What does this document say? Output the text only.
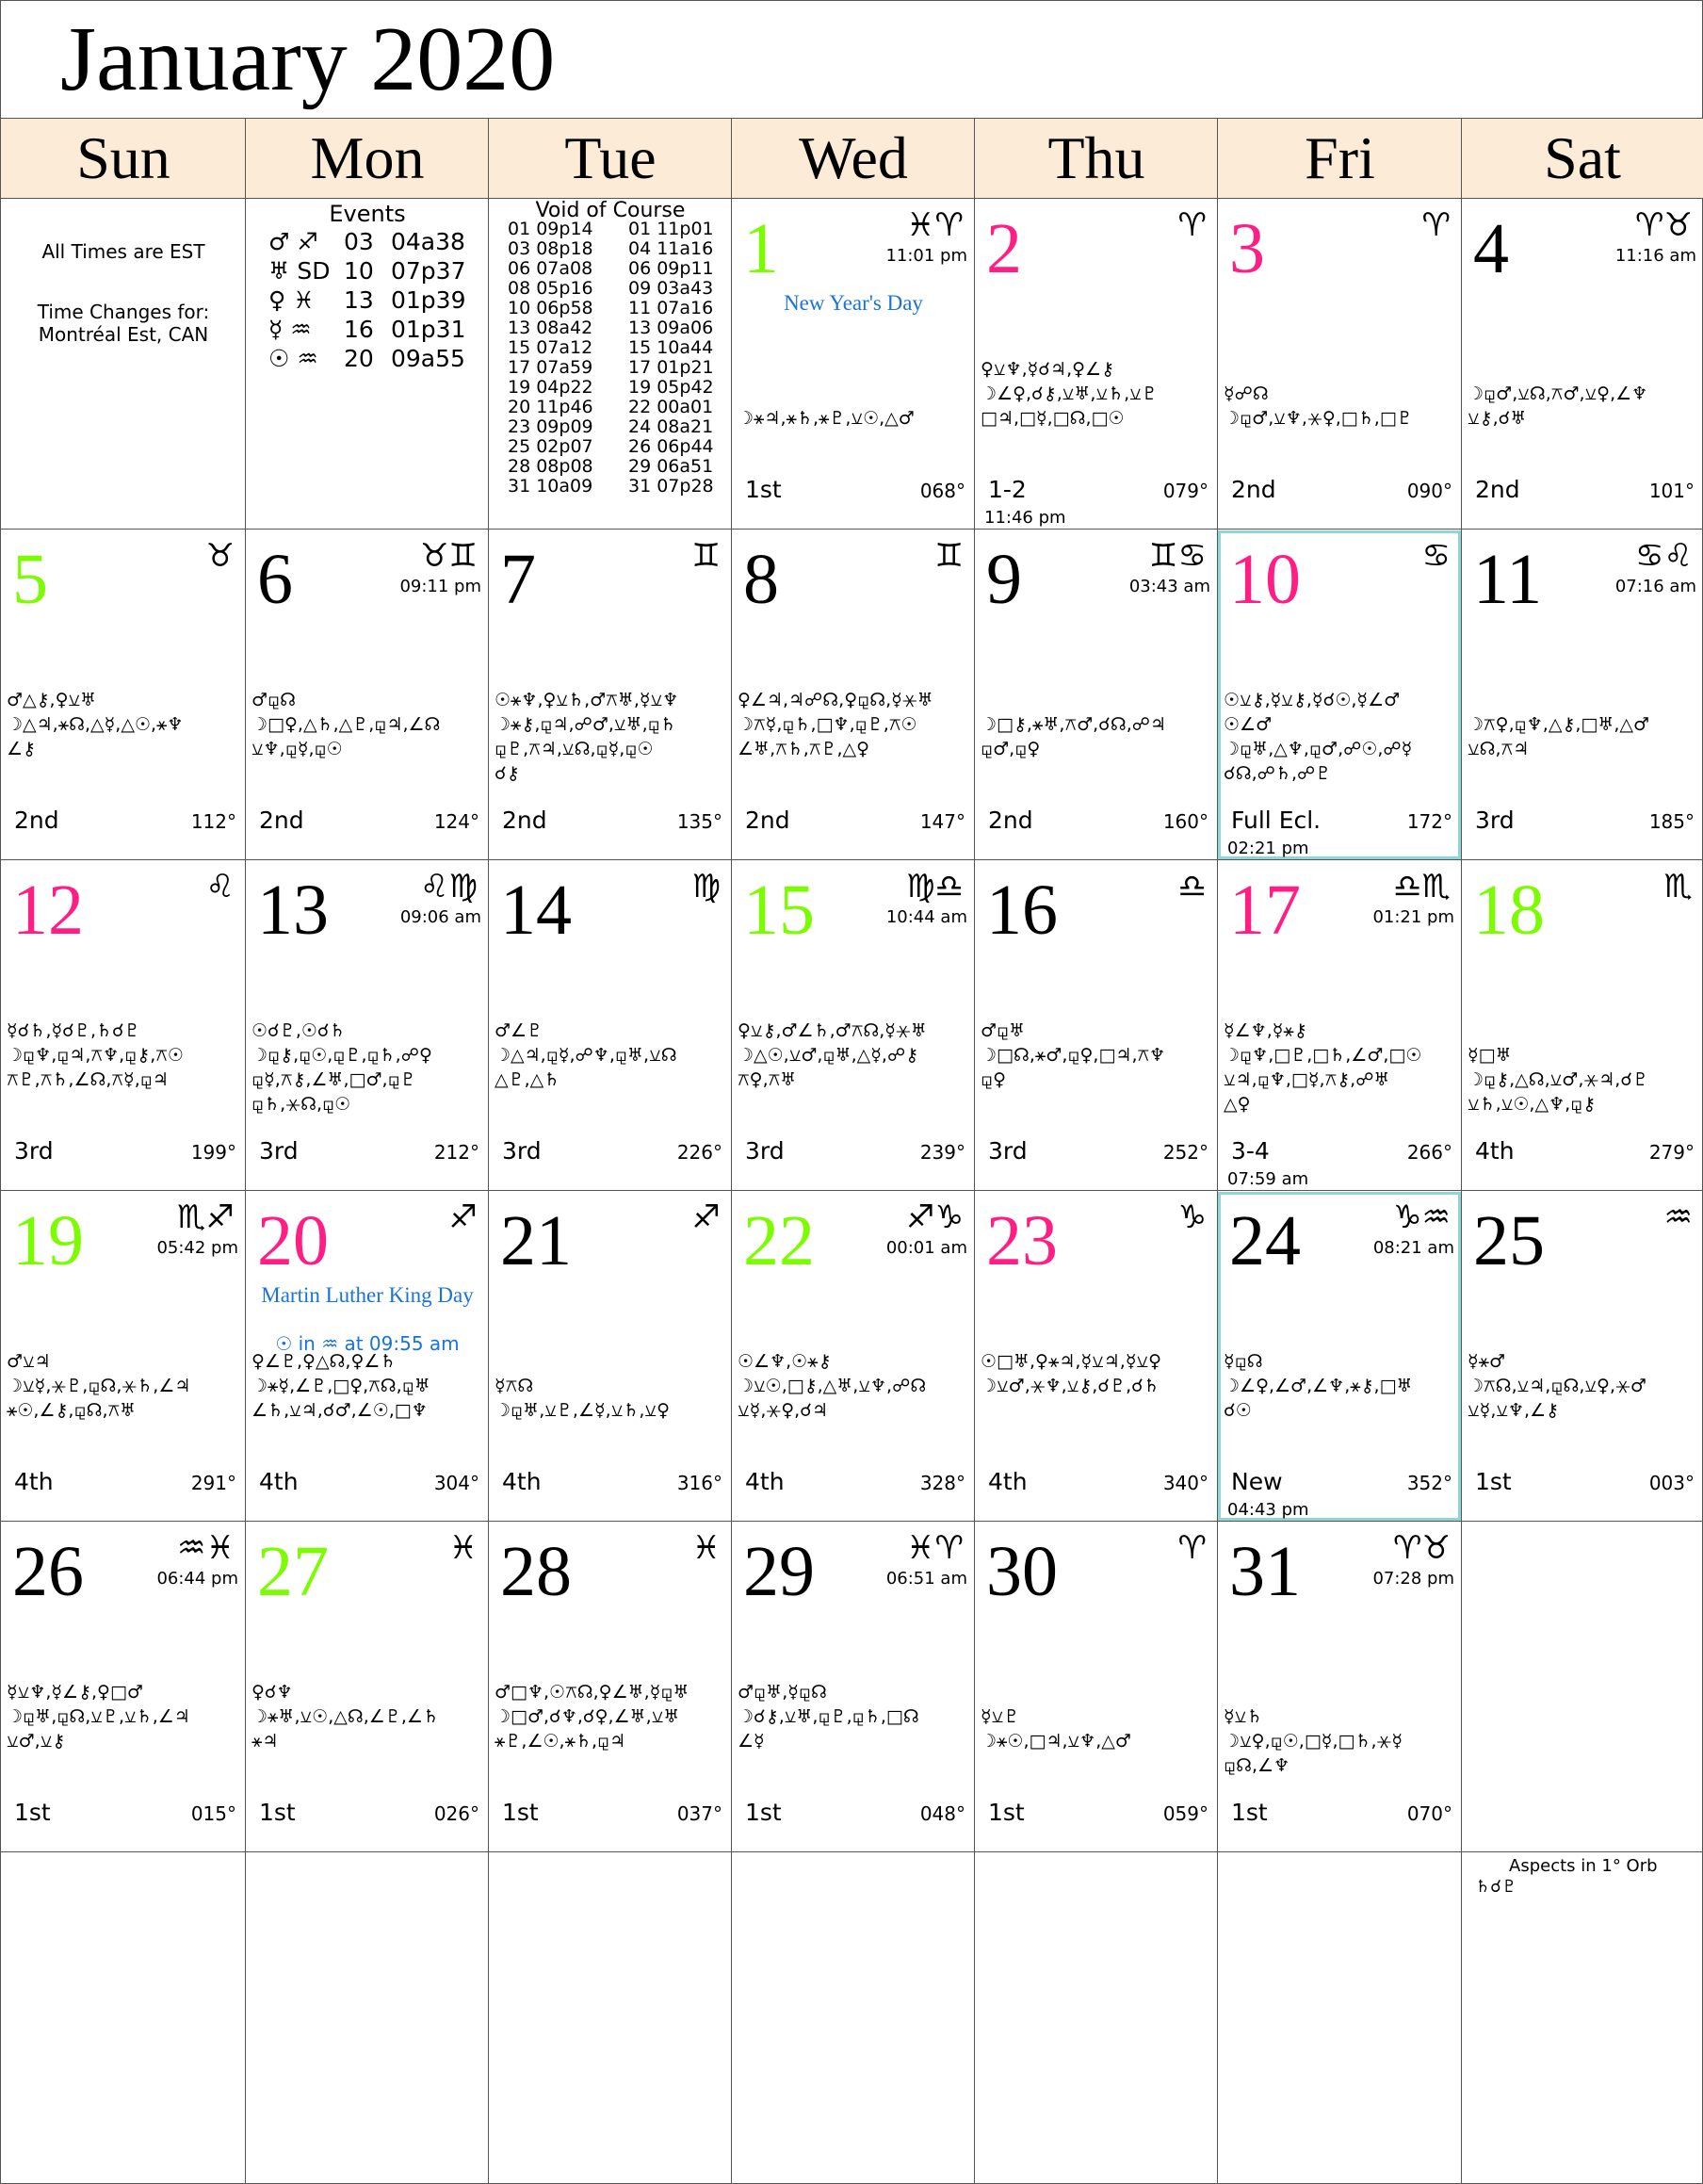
January 2020
Sun	Mon	Tue	Wed	Thu	Fri	Sat
All Times are EST
Time Changes for:
Montréal Est, CAN
Events
♂ ♐	03 04a38
♅ SD 10 07p37
♀ ♓	13 01p39
☿ ♒	16 01p31
☉ ♒	20 09a55
Void of Course
01 09p14	01 11p01
03 08p18	04 11a16
06 07a08	06 09p11
08 05p16	09 03a43
10 06p58	11 07a16
13 08a42	13 09a06
15 07a12	15 10a44
17 07a59	17 01p21
19 04p22	19 05p42
20 11p46	22 00a01
23 09p09	24 08a21
25 02p07	26 06p44
28 08p08	29 06a51
31 10a09	31 07p28
1	♓♈
11:01 pm
New Year's Day

☽⚹♃,⚹♄,⚹♇,⚺☉,△♂
1st	068°
2	♈
♀⚺♆,☿☌♃,♀∠⚷
☽∠♀,☌⚷,⚺♅,⚺♄,⚺♇
□♃,□☿,□☊,□☉
1-2	079°
11:46 pm
3	♈

☿☍☊
☽⚼♂,⚺♆,⚹♀,□♄,□♇
2nd	090°
4	♈♉
11:16 am

☽⚼♂,⚺☊,⚻♂,⚺♀,∠♆
⚺⚷,☌♅
2nd	101°
5	♉
♂△⚷,♀⚺♅
☽△♃,⚹☊,△☿,△☉,⚹♆
∠⚷
2nd	112°
6	♉♊
09:11 pm
♂⚼☊
☽□♀,△♄,△♇,⚼♃,∠☊
⚺♆,⚼☿,⚼☉
2nd	124°
7	♊
☉⚹♆,♀⚺♄,♂⚻♅,☿⚺♆
☽⚹⚷,⚼♃,☍♂,⚺♅,⚼♄
⚼♇,⚻♃,⚺☊,⚼☿,⚼☉
☌⚷
2nd	135°
8	♊
♀∠♃,♃☍☊,♀⚼☊,☿⚹♅
☽⚻☿,⚼♄,□♆,⚼♇,⚻☉
∠♅,⚻♄,⚻♇,△♀
2nd	147°
9	♊♋
03:43 am

☽□⚷,⚹♅,⚻♂,☌☊,☍♃
⚼♂,⚼♀
2nd	160°
10	♋
☉⚺⚷,☿⚺⚷,☿☌☉,☿∠♂
☉∠♂
☽⚼♅,△♆,⚼♂,☍☉,☍☿
☌☊,☍♄,☍♇
Full Ecl.	172°
02:21 pm
11	♋♌
07:16 am

☽⚻♀,⚼♆,△⚷,□♅,△♂
⚺☊,⚻♃
3rd	185°
12	♌
☿☌♄,☿☌♇,♄☌♇
☽⚼♆,⚼♃,⚻♆,⚼⚷,⚻☉
⚻♇,⚻♄,∠☊,⚻☿,⚼♃
3rd	199°
13	♌♍
09:06 am
☉☌♇,☉☌♄
☽⚼⚷,⚼☉,⚼♇,⚼♄,☍♀
⚼☿,⚻⚷,∠♅,□♂,⚼♇
⚼♄,⚹☊,⚼☉
3rd	212°
14	♍
♂∠♇
☽△♃,⚼☿,☍♆,⚼♅,⚺☊
△♇,△♄
3rd	226°
15	♍♎
10:44 am
♀⚺⚷,♂∠♄,♂⚻☊,☿⚹♅
☽△☉,⚺♂,⚼♅,△☿,☍⚷
⚻♀,⚻♅
3rd	239°
16	♎
♂⚼♅
☽□☊,⚹♂,⚼♀,□♃,⚻♆
⚼♀
3rd	252°
17	♎♏
01:21 pm
☿∠♆,☿⚹⚷
☽⚼♆,□♇,□♄,∠♂,□☉
⚺♃,⚼♆,□☿,⚻⚷,☍♅
△♀
3-4	266°
07:59 am
18	♏

☿□♅
☽⚼⚷,△☊,⚺♂,⚹♃,☌♇
⚺♄,⚺☉,△♆,⚼⚷
4th	279°
19	♏♐
05:42 pm
♂⚺♃
☽⚺☿,⚹♇,⚼☊,⚹♄,∠♃
⚹☉,∠⚷,⚼☊,⚻♅
4th	291°
20	♐
Martin Luther King Day
☉ in ♒ at 09:55 am
♀∠♇,♀△☊,♀∠♄
☽⚹☿,∠♇,□♀,⚻☊,⚼♅
∠♄,⚺♃,☌♂,∠☉,□♆
4th	304°
21	♐

☿⚻☊
☽⚼♅,⚺♇,∠☿,⚺♄,⚺♀
4th	316°
22	♐♑
00:01 am
☉∠♆,☉⚹⚷
☽⚺☉,□⚷,△♅,⚺♆,☍☊
⚺☿,⚹♀,☌♃
4th	328°
23	♑
☉□♅,♀⚹♃,☿⚺♃,☿⚺♀
☽⚺♂,⚹♆,⚺⚷,☌♇,☌♄
4th	340°
24	♑♒
08:21 am
☿⚼☊
☽∠♀,∠♂,∠♆,⚹⚷,□♅
☌☉
New	352°
04:43 pm
25	♒
☿⚹♂
☽⚻☊,⚺♃,⚼☊,⚺♀,⚹♂
⚺☿,⚺♆,∠⚷
1st	003°
26	♒♓
06:44 pm
☿⚺♆,☿∠⚷,♀□♂
☽⚼♅,⚼☊,⚺♇,⚺♄,∠♃
⚺♂,⚺⚷
1st	015°
27	♓
♀☌♆
☽⚹♅,⚺☉,△☊,∠♇,∠♄
⚹♃
1st	026°
28	♓
♂□♆,☉⚻☊,♀∠♅,☿⚼♅
☽□♂,☌♆,☌♀,∠♅,⚺♅
⚹♇,∠☉,⚹♄,⚼♃
1st	037°
29	♓♈
06:51 am
♂⚼♅,☿⚼☊
☽☌⚷,⚺♅,⚼♇,⚼♄,□☊
∠☿
1st	048°
30	♈

☿⚺♇
☽⚹☉,□♃,⚺♆,△♂
1st	059°
31	♈♉
07:28 pm

☿⚺♄
☽⚺♀,⚼☉,□☿,□♄,⚹☿
⚼☊,∠♆
1st	070°
Aspects in 1° Orb
♄☌♇
